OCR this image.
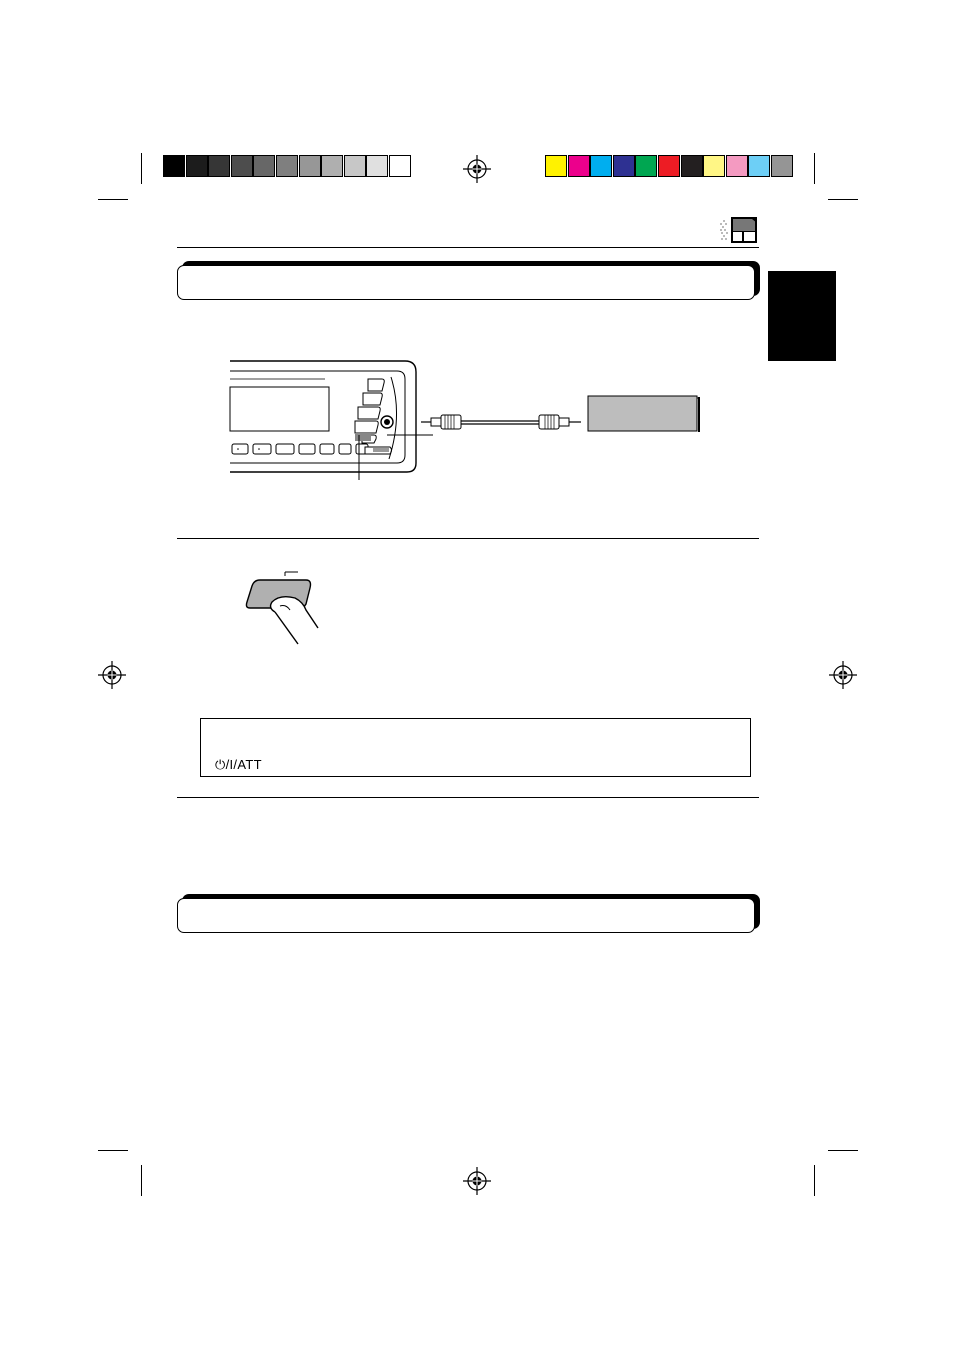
⏻/I/ATT
